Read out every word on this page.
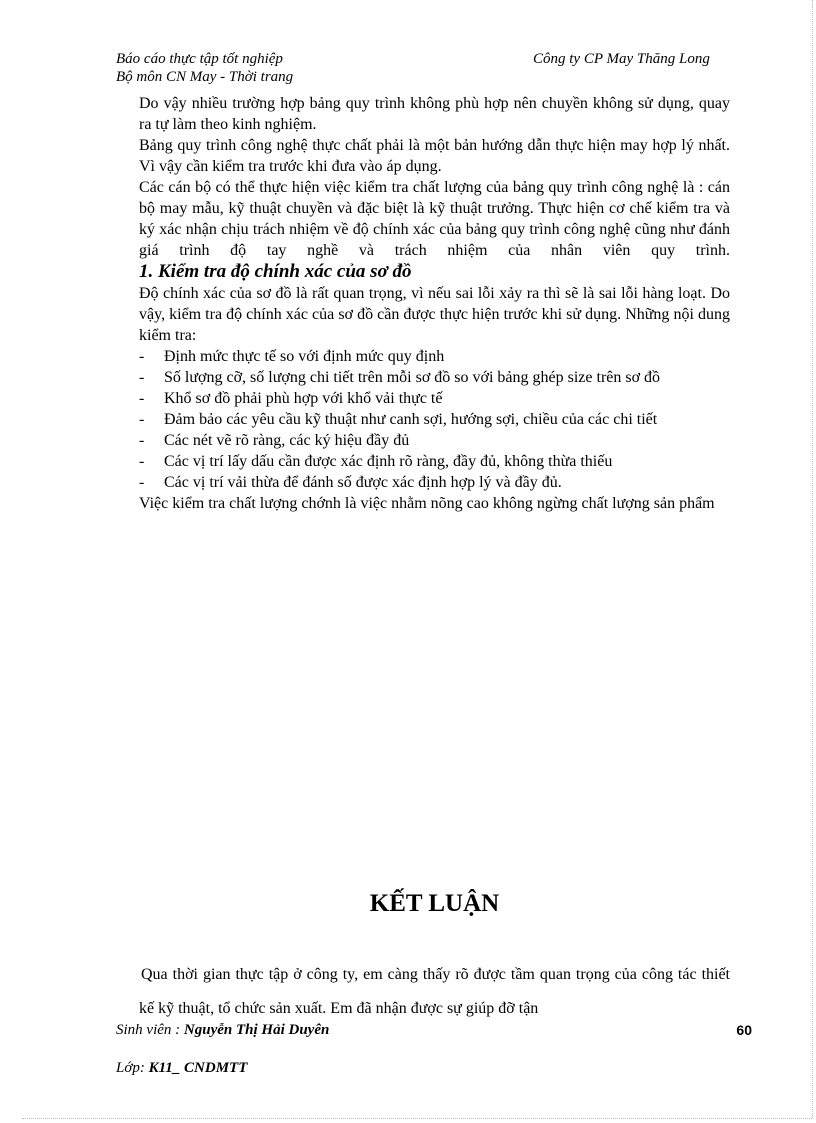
Báo cáo thực tập tốt nghiệp	Công ty CP May Thăng Long
Bộ môn CN May - Thời trang

Do vậy nhiều trường hợp bảng quy trình không phù hợp nên chuyền không sử dụng, quay ra tự làm theo kinh nghiệm.

Bảng quy trình công nghệ thực chất phải là một bản hướng dẫn thực hiện may hợp lý nhất. Vì vậy cần kiểm tra trước khi đưa vào áp dụng.

Các cán bộ có thể thực hiện việc kiểm tra chất lượng của bảng quy trình công nghệ là : cán bộ may mẫu, kỹ thuật chuyền và đặc biệt là kỹ thuật trưởng. Thực hiện cơ chế kiểm tra và ký xác nhận chịu trách nhiệm về độ chính xác của bảng quy trình công nghệ cũng như đánh giá trình độ tay nghề và trách nhiệm của nhân viên quy trình.

1. Kiểm tra độ chính xác của sơ đồ

Độ chính xác của sơ đồ là rất quan trọng, vì nếu sai lỗi xảy ra thì sẽ là sai lỗi hàng loạt. Do vậy, kiểm tra độ chính xác của sơ đồ cần được thực hiện trước khi sử dụng. Những nội dung kiểm tra:

- Định mức thực tế so với định mức quy định
- Số lượng cỡ, số lượng chi tiết trên mỗi sơ đồ so với bảng ghép size trên sơ đồ
- Khổ sơ đồ phải phù hợp với khổ vải thực tế
- Đảm bảo các yêu cầu kỹ thuật như canh sợi, hướng sợi, chiều của các chi tiết
- Các nét vẽ rõ ràng, các ký hiệu đầy đủ
- Các vị trí lấy dấu cần được xác định rõ ràng, đầy đủ, không thừa thiếu
- Các vị trí vải thừa để đánh số được xác định hợp lý và đầy đủ.

Việc kiểm tra chất lượng chớnh là việc nhằm nõng cao không ngừng chất lượng sản phẩm

KẾT LUẬN

Qua thời gian thực tập ở công ty, em càng thấy rõ được tầm quan trọng của công tác thiết kế kỹ thuật, tổ chức sản xuất. Em đã nhận được sự giúp đỡ tận

Sinh viên : Nguyễn Thị Hải Duyên	60
Lớp: K11_ CNDMTT
